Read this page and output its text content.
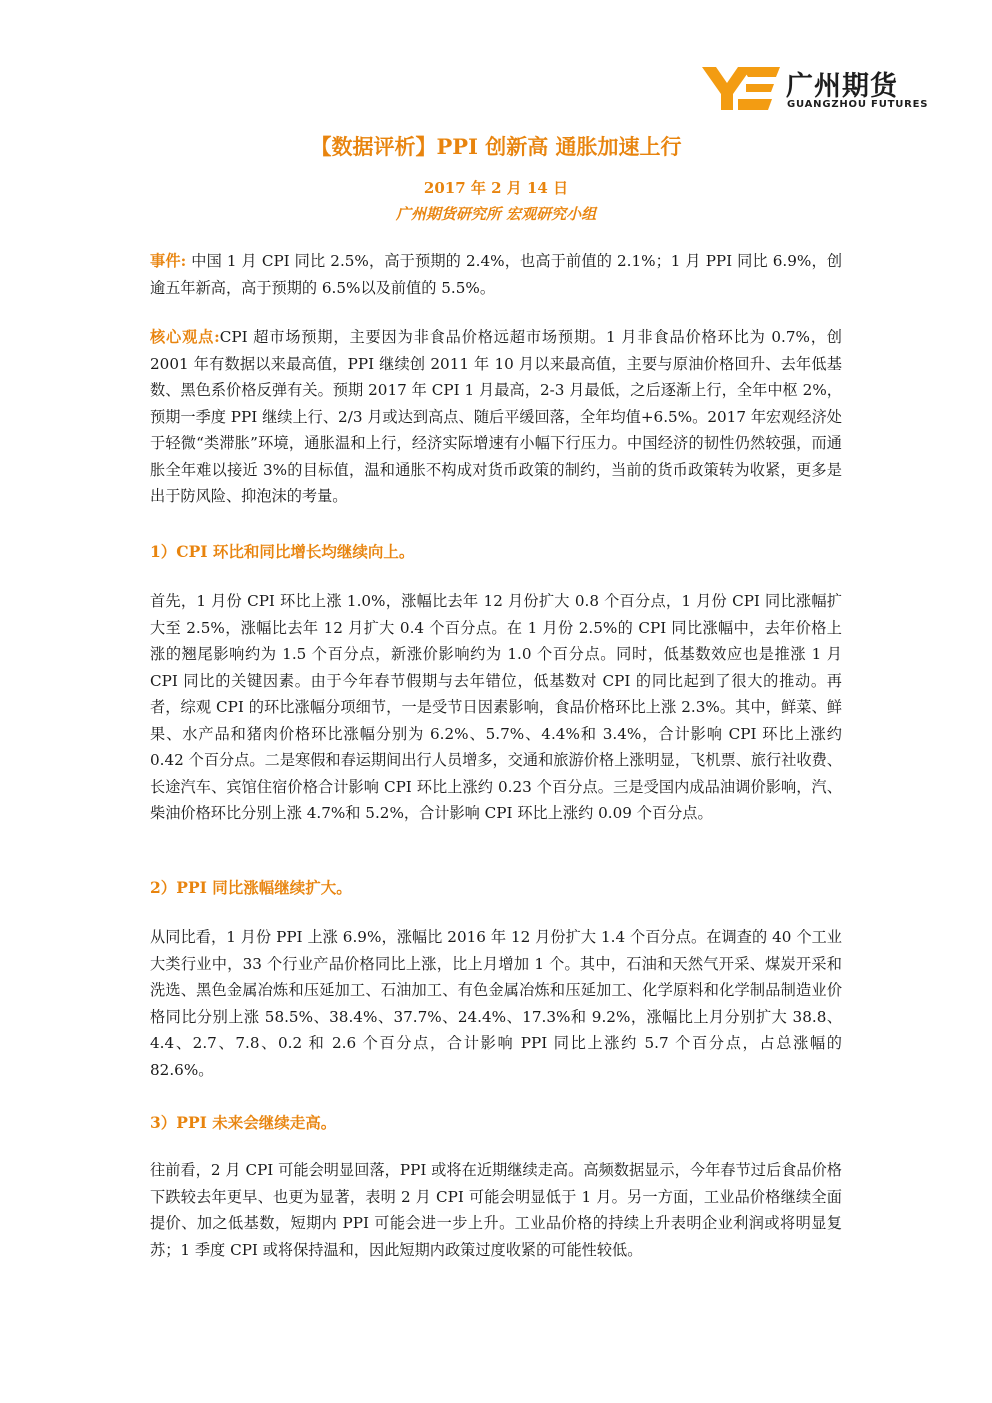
广州期货
GUANGZHOU FUTURES
【数据评析】PPI 创新高 通胀加速上行
2017 年 2 月 14 日
广州期货研究所 宏观研究小组

事件: 中国 1 月 CPI 同比 2.5%，高于预期的 2.4%，也高于前值的 2.1%；1 月 PPI 同比 6.9%，创逾五年新高，高于预期的 6.5%以及前值的 5.5%。

核心观点:CPI 超市场预期，主要因为非食品价格远超市场预期。1 月非食品价格环比为 0.7%，创 2001 年有数据以来最高值，PPI 继续创 2011 年 10 月以来最高值，主要与原油价格回升、去年低基数、黑色系价格反弹有关。预期 2017 年 CPI 1 月最高，2-3 月最低，之后逐渐上行，全年中枢 2%，预期一季度 PPI 继续上行、2/3 月或达到高点、随后平缓回落，全年均值+6.5%。2017 年宏观经济处于轻微“类滞胀”环境，通胀温和上行，经济实际增速有小幅下行压力。中国经济的韧性仍然较强，而通胀全年难以接近 3%的目标值，温和通胀不构成对货币政策的制约，当前的货币政策转为收紧，更多是出于防风险、抑泡沫的考量。

1）CPI 环比和同比增长均继续向上。

首先，1 月份 CPI 环比上涨 1.0%，涨幅比去年 12 月份扩大 0.8 个百分点，1 月份 CPI 同比涨幅扩大至 2.5%，涨幅比去年 12 月扩大 0.4 个百分点。在 1 月份 2.5%的 CPI 同比涨幅中，去年价格上涨的翘尾影响约为 1.5 个百分点，新涨价影响约为 1.0 个百分点。同时，低基数效应也是推涨 1 月 CPI 同比的关键因素。由于今年春节假期与去年错位，低基数对 CPI 的同比起到了很大的推动。再者，综观 CPI 的环比涨幅分项细节，一是受节日因素影响，食品价格环比上涨 2.3%。其中，鲜菜、鲜果、水产品和猪肉价格环比涨幅分别为 6.2%、5.7%、4.4%和 3.4%，合计影响 CPI 环比上涨约 0.42 个百分点。二是寒假和春运期间出行人员增多，交通和旅游价格上涨明显，飞机票、旅行社收费、长途汽车、宾馆住宿价格合计影响 CPI 环比上涨约 0.23 个百分点。三是受国内成品油调价影响，汽、柴油价格环比分别上涨 4.7%和 5.2%，合计影响 CPI 环比上涨约 0.09 个百分点。

2）PPI 同比涨幅继续扩大。

从同比看，1 月份 PPI 上涨 6.9%，涨幅比 2016 年 12 月份扩大 1.4 个百分点。在调查的 40 个工业大类行业中，33 个行业产品价格同比上涨，比上月增加 1 个。其中，石油和天然气开采、煤炭开采和洗选、黑色金属冶炼和压延加工、石油加工、有色金属冶炼和压延加工、化学原料和化学制品制造业价格同比分别上涨 58.5%、38.4%、37.7%、24.4%、17.3%和 9.2%，涨幅比上月分别扩大 38.8、4.4、2.7、7.8、0.2 和 2.6 个百分点，合计影响 PPI 同比上涨约 5.7 个百分点，占总涨幅的 82.6%。

3）PPI 未来会继续走高。

往前看，2 月 CPI 可能会明显回落，PPI 或将在近期继续走高。高频数据显示，今年春节过后食品价格下跌较去年更早、也更为显著，表明 2 月 CPI 可能会明显低于 1 月。另一方面，工业品价格继续全面提价、加之低基数，短期内 PPI 可能会进一步上升。工业品价格的持续上升表明企业利润或将明显复苏；1 季度 CPI 或将保持温和，因此短期内政策过度收紧的可能性较低。
